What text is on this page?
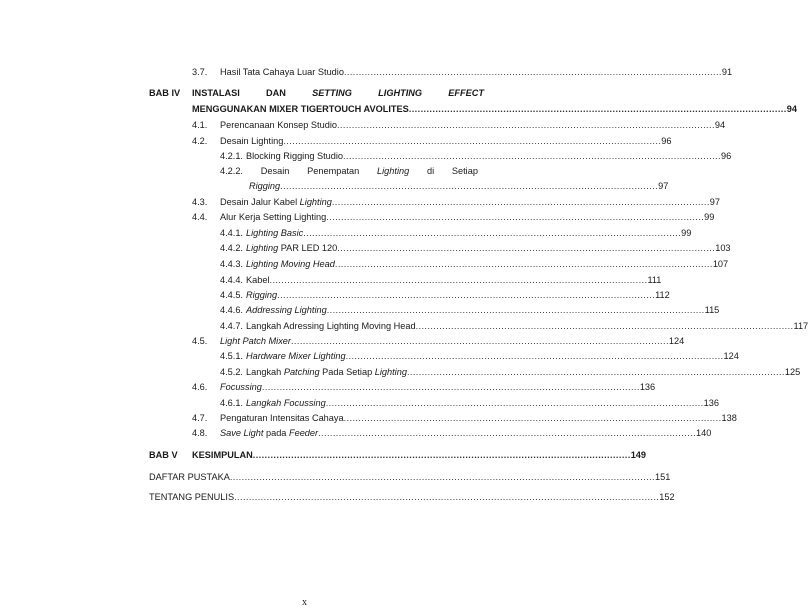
3.7. Hasil Tata Cahaya Luar Studio ................................................................................................................................ 91
BAB IV INSTALASI	DAN	SETTING	LIGHTING	EFFECT
MENGGUNAKAN MIXER TIGERTOUCH AVOLITES ................................................................................................................................ 94
4.1. Perencanaan Konsep Studio ................................................................................................................................ 94
4.2. Desain Lighting ................................................................................................................................ 96
4.2.1. Blocking Rigging Studio ................................................................................................................................ 96
4.2.2. Desain Penempatan Lighting di Setiap
Rigging ................................................................................................................................ 97
4.3. Desain Jalur Kabel Lighting ................................................................................................................................ 97
4.4. Alur Kerja Setting Lighting ................................................................................................................................ 99
4.4.1. Lighting Basic ................................................................................................................................ 99
4.4.2. Lighting PAR LED 120 ................................................................................................................................ 103
4.4.3. Lighting Moving Head ................................................................................................................................ 107
4.4.4. Kabel ................................................................................................................................ 111
4.4.5. Rigging ................................................................................................................................ 112
4.4.6. Addressing Lighting ................................................................................................................................ 115
4.4.7. Langkah Adressing Lighting Moving Head ................................................................................................................................ 117
4.5. Light Patch Mixer ................................................................................................................................ 124
4.5.1. Hardware Mixer Lighting ................................................................................................................................ 124
4.5.2. Langkah Patching Pada Setiap Lighting ................................................................................................................................ 125
4.6. Focussing ................................................................................................................................ 136
4.6.1. Langkah Focussing ................................................................................................................................ 136
4.7. Pengaturan Intensitas Cahaya ................................................................................................................................ 138
4.8. Save Light pada Feeder ................................................................................................................................ 140
BAB V KESIMPULAN ................................................................................................................................ 149
DAFTAR PUSTAKA ................................................................................................................................................ 151
TENTANG PENULIS ................................................................................................................................................ 152
x
